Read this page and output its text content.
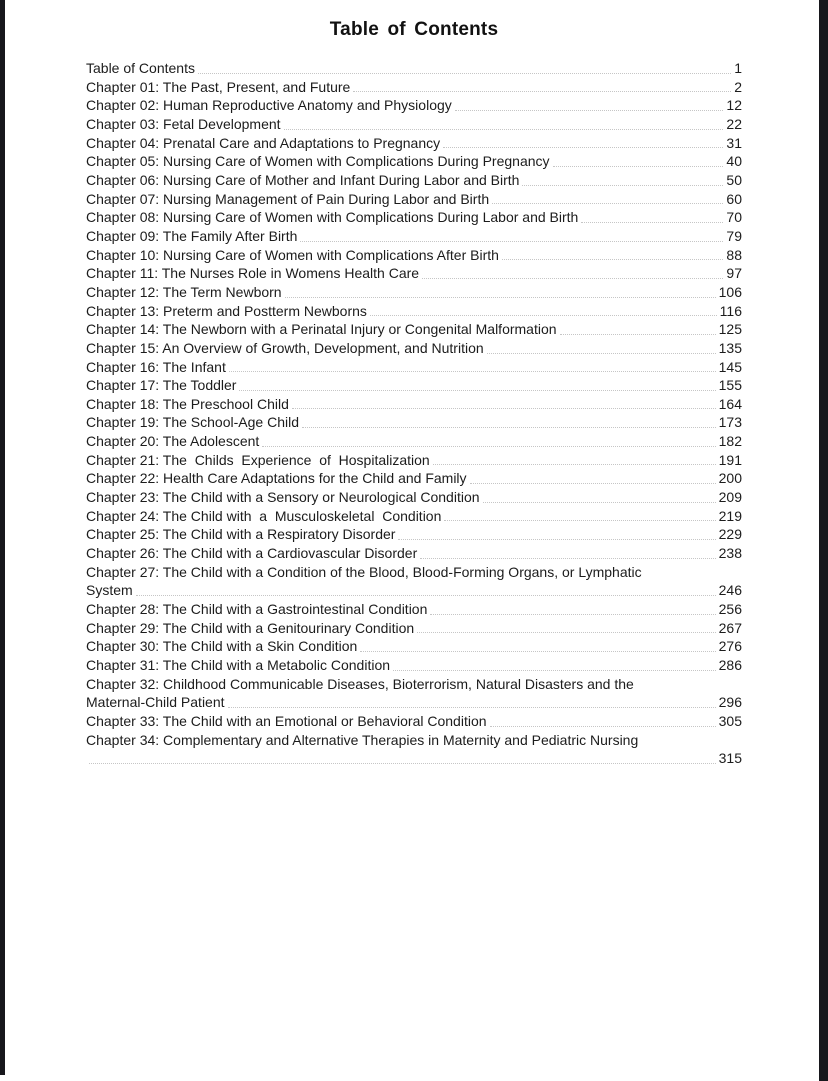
Table of Contents
Table of Contents	1
Chapter 01: The Past, Present, and Future	2
Chapter 02: Human Reproductive Anatomy and Physiology	12
Chapter 03: Fetal Development	22
Chapter 04: Prenatal Care and Adaptations to Pregnancy	31
Chapter 05: Nursing Care of Women with Complications During Pregnancy	40
Chapter 06: Nursing Care of Mother and Infant During Labor and Birth	50
Chapter 07: Nursing Management of Pain During Labor and Birth	60
Chapter 08: Nursing Care of Women with Complications During Labor and Birth	70
Chapter 09: The Family After Birth	79
Chapter 10: Nursing Care of Women with Complications After Birth	88
Chapter 11: The Nurses Role in Womens Health Care	97
Chapter 12: The Term Newborn	106
Chapter 13: Preterm and Postterm Newborns	116
Chapter 14: The Newborn with a Perinatal Injury or Congenital Malformation	125
Chapter 15: An Overview of Growth, Development, and Nutrition	135
Chapter 16: The Infant	145
Chapter 17: The Toddler	155
Chapter 18: The Preschool Child	164
Chapter 19: The School-Age Child	173
Chapter 20: The Adolescent	182
Chapter 21: The  Childs  Experience  of  Hospitalization	191
Chapter 22: Health Care Adaptations for the Child and Family	200
Chapter 23: The Child with a Sensory or Neurological Condition	209
Chapter 24: The Child with  a  Musculoskeletal  Condition	219
Chapter 25: The Child with a Respiratory Disorder	229
Chapter 26: The Child with a Cardiovascular Disorder	238
Chapter 27: The Child with a Condition of the Blood, Blood-Forming Organs, or Lymphatic
System	246
Chapter 28: The Child with a Gastrointestinal Condition	256
Chapter 29: The Child with a Genitourinary Condition	267
Chapter 30: The Child with a Skin Condition	276
Chapter 31: The Child with a Metabolic Condition	286
Chapter 32: Childhood Communicable Diseases, Bioterrorism, Natural Disasters and the
Maternal-Child Patient	296
Chapter 33: The Child with an Emotional or Behavioral Condition	305
Chapter 34: Complementary and Alternative Therapies in Maternity and Pediatric Nursing
315
